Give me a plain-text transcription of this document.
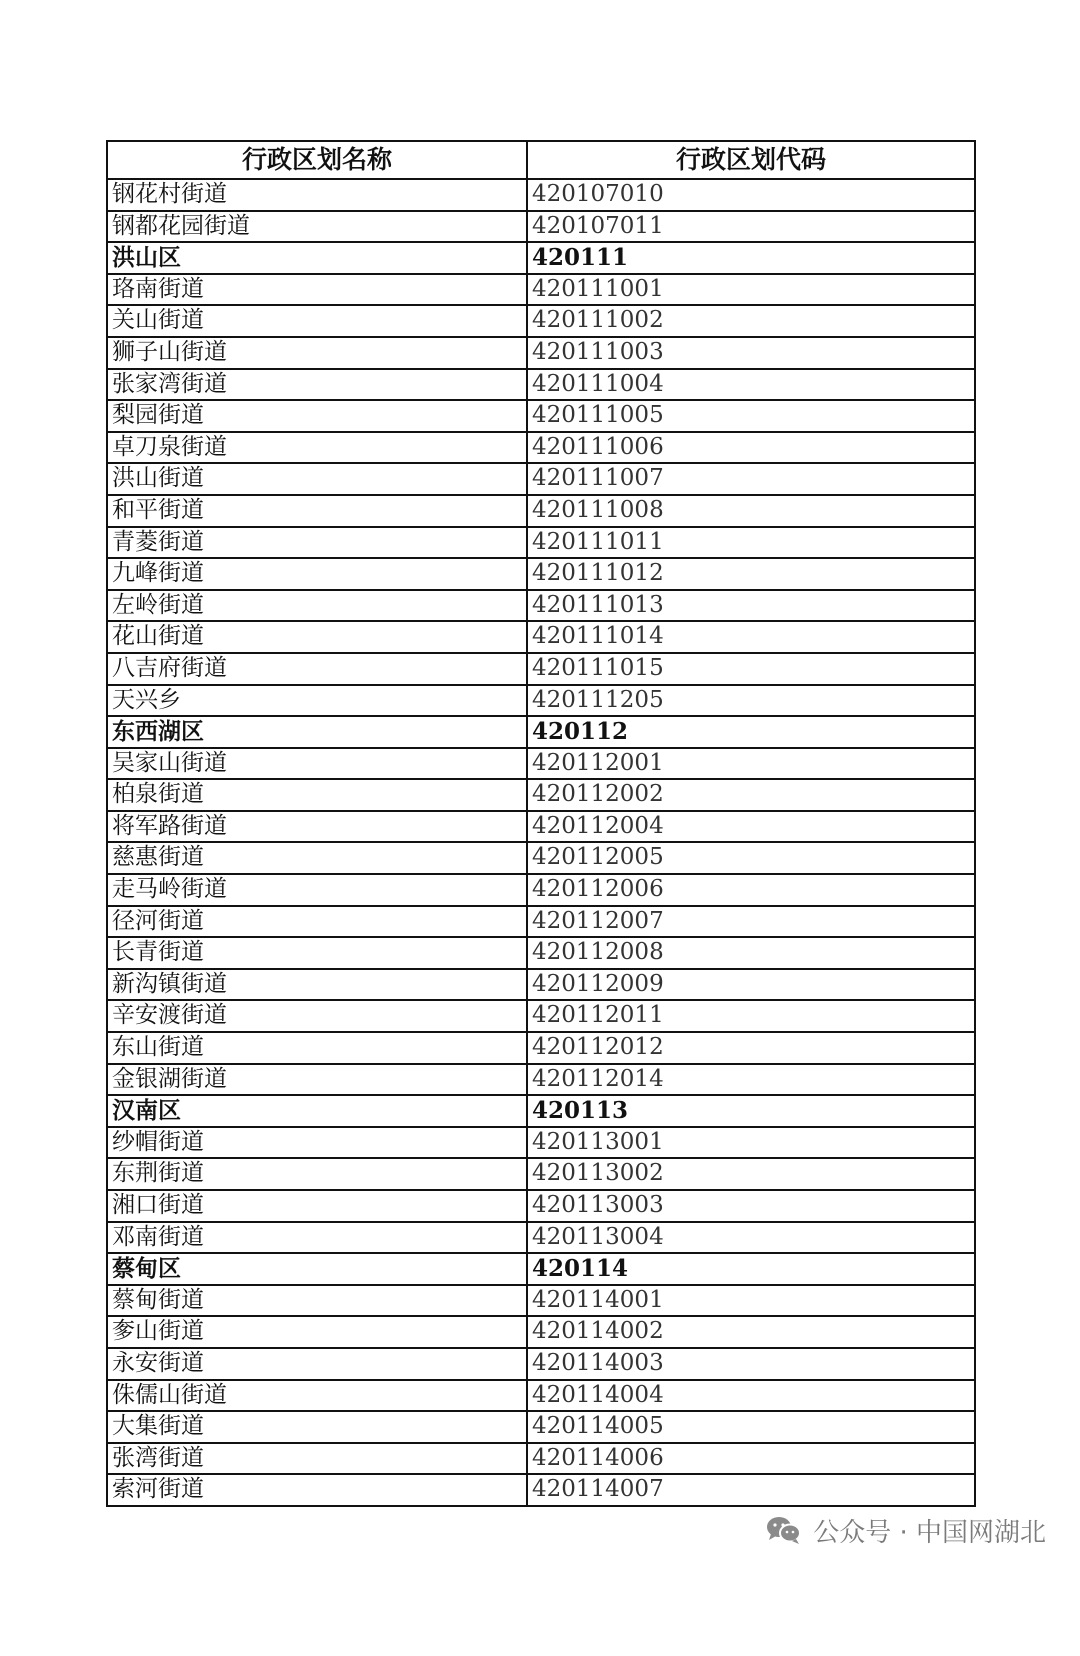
行政区划名称	行政区划代码
钢花村街道	420107010
钢都花园街道	420107011
洪山区	420111
珞南街道	420111001
关山街道	420111002
狮子山街道	420111003
张家湾街道	420111004
梨园街道	420111005
卓刀泉街道	420111006
洪山街道	420111007
和平街道	420111008
青菱街道	420111011
九峰街道	420111012
左岭街道	420111013
花山街道	420111014
八吉府街道	420111015
天兴乡	420111205
东西湖区	420112
吴家山街道	420112001
柏泉街道	420112002
将军路街道	420112004
慈惠街道	420112005
走马岭街道	420112006
径河街道	420112007
长青街道	420112008
新沟镇街道	420112009
辛安渡街道	420112011
东山街道	420112012
金银湖街道	420112014
汉南区	420113
纱帽街道	420113001
东荆街道	420113002
湘口街道	420113003
邓南街道	420113004
蔡甸区	420114
蔡甸街道	420114001
奓山街道	420114002
永安街道	420114003
侏儒山街道	420114004
大集街道	420114005
张湾街道	420114006
索河街道	420114007
公众号 · 中国网湖北
